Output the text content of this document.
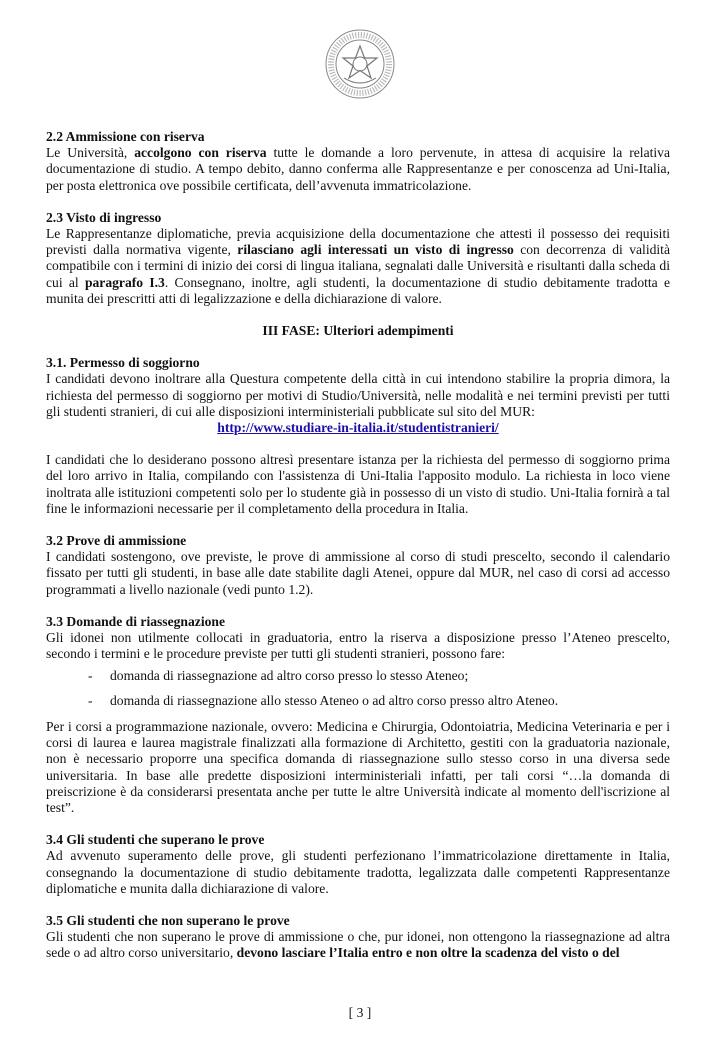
2.2 Ammissione con riserva

Le Università, accolgono con riserva tutte le domande a loro pervenute, in attesa di acquisire la relativa documentazione di studio. A tempo debito, danno conferma alle Rappresentanze e per conoscenza ad Uni-Italia, per posta elettronica ove possibile certificata, dell’avvenuta immatricolazione.

2.3 Visto di ingresso

Le Rappresentanze diplomatiche, previa acquisizione della documentazione che attesti il possesso dei requisiti previsti dalla normativa vigente, rilasciano agli interessati un visto di ingresso con decorrenza di validità compatibile con i termini di inizio dei corsi di lingua italiana, segnalati dalle Università e risultanti dalla scheda di cui al paragrafo I.3. Consegnano, inoltre, agli studenti, la documentazione di studio debitamente tradotta e munita dei prescritti atti di legalizzazione e della dichiarazione di valore.

III FASE: Ulteriori adempimenti
3.1. Permesso di soggiorno

I candidati devono inoltrare alla Questura competente della città in cui intendono stabilire la propria dimora, la richiesta del permesso di soggiorno per motivi di Studio/Università, nelle modalità e nei termini previsti per tutti gli studenti stranieri, di cui alle disposizioni interministeriali pubblicate sul sito del MUR:

http://www.studiare-in-italia.it/studentistranieri/

I candidati che lo desiderano possono altresì presentare istanza per la richiesta del permesso di soggiorno prima del loro arrivo in Italia, compilando con l'assistenza di Uni-Italia l'apposito modulo. La richiesta in loco viene inoltrata alle istituzioni competenti solo per lo studente già in possesso di un visto di studio. Uni-Italia fornirà a tal fine le informazioni necessarie per il completamento della procedura in Italia.

3.2 Prove di ammissione

I candidati sostengono, ove previste, le prove di ammissione al corso di studi prescelto, secondo il calendario fissato per tutti gli studenti, in base alle date stabilite dagli Atenei, oppure dal MUR, nel caso di corsi ad accesso programmati a livello nazionale (vedi punto 1.2).

3.3 Domande di riassegnazione

Gli idonei non utilmente collocati in graduatoria, entro la riserva a disposizione presso l’Ateneo prescelto, secondo i termini e le procedure previste per tutti gli studenti stranieri, possono fare:

- domanda di riassegnazione ad altro corso presso lo stesso Ateneo;
- domanda di riassegnazione allo stesso Ateneo o ad altro corso presso altro Ateneo.

Per i corsi a programmazione nazionale, ovvero: Medicina e Chirurgia, Odontoiatria, Medicina Veterinaria e per i corsi di laurea e laurea magistrale finalizzati alla formazione di Architetto, gestiti con la graduatoria nazionale, non è necessario proporre una specifica domanda di riassegnazione sullo stesso corso in una diversa sede universitaria. In base alle predette disposizioni interministeriali infatti, per tali corsi “…la domanda di preiscrizione è da considerarsi presentata anche per tutte le altre Università indicate al momento dell'iscrizione al test”.

3.4 Gli studenti che superano le prove

Ad avvenuto superamento delle prove, gli studenti perfezionano l’immatricolazione direttamente in Italia, consegnando la documentazione di studio debitamente tradotta, legalizzata dalle competenti Rappresentanze diplomatiche e munita dalla dichiarazione di valore.

3.5 Gli studenti che non superano le prove

Gli studenti che non superano le prove di ammissione o che, pur idonei, non ottengono la riassegnazione ad altra sede o ad altro corso universitario, devono lasciare l’Italia entro e non oltre la scadenza del visto o del

[ 3 ]
